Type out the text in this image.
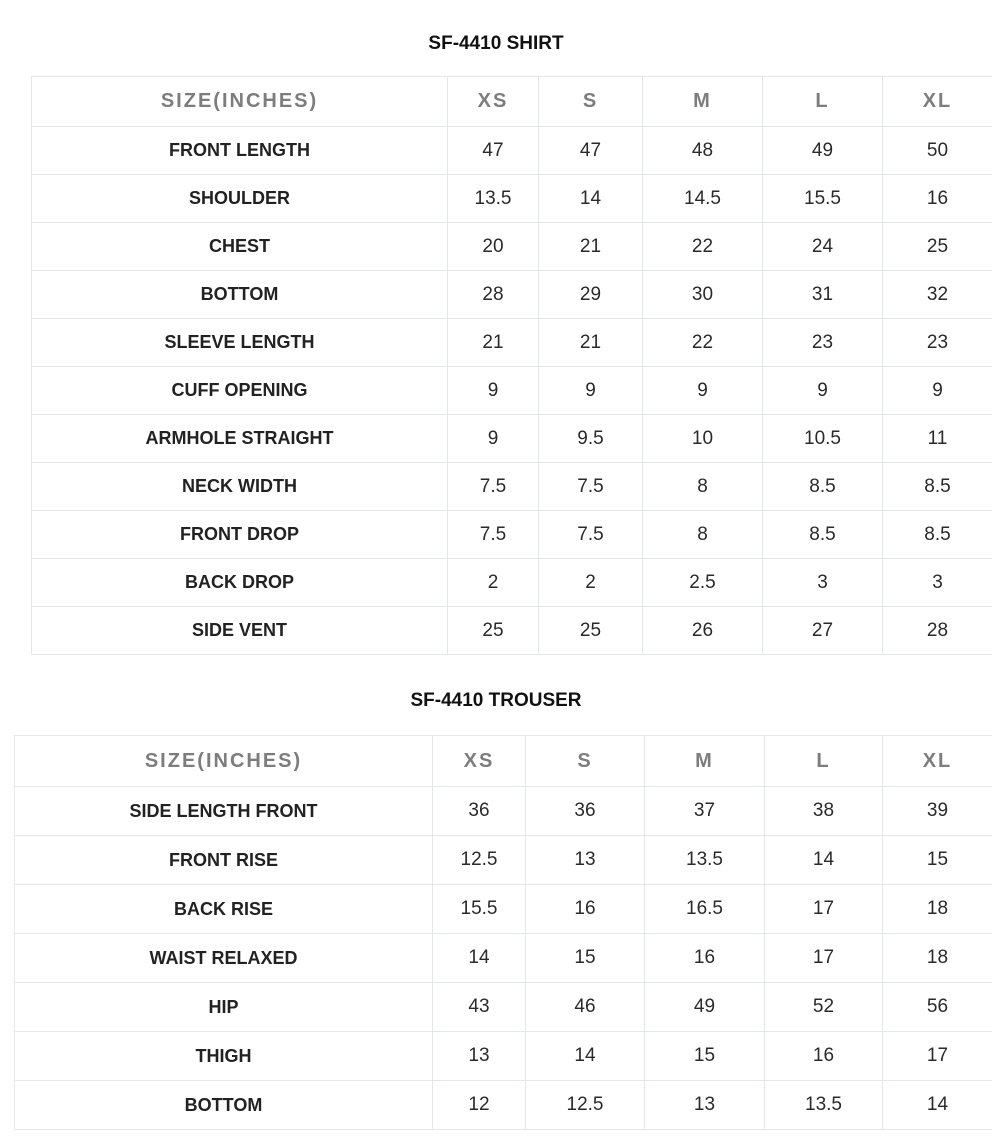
SF-4410 SHIRT
SIZE(INCHES)	XS	S	M	L	XL
FRONT LENGTH	47	47	48	49	50
SHOULDER	13.5	14	14.5	15.5	16
CHEST	20	21	22	24	25
BOTTOM	28	29	30	31	32
SLEEVE LENGTH	21	21	22	23	23
CUFF OPENING	9	9	9	9	9
ARMHOLE STRAIGHT	9	9.5	10	10.5	11
NECK WIDTH	7.5	7.5	8	8.5	8.5
FRONT DROP	7.5	7.5	8	8.5	8.5
BACK DROP	2	2	2.5	3	3
SIDE VENT	25	25	26	27	28
SF-4410 TROUSER
SIZE(INCHES)	XS	S	M	L	XL
SIDE LENGTH FRONT	36	36	37	38	39
FRONT RISE	12.5	13	13.5	14	15
BACK RISE	15.5	16	16.5	17	18
WAIST RELAXED	14	15	16	17	18
HIP	43	46	49	52	56
THIGH	13	14	15	16	17
BOTTOM	12	12.5	13	13.5	14
